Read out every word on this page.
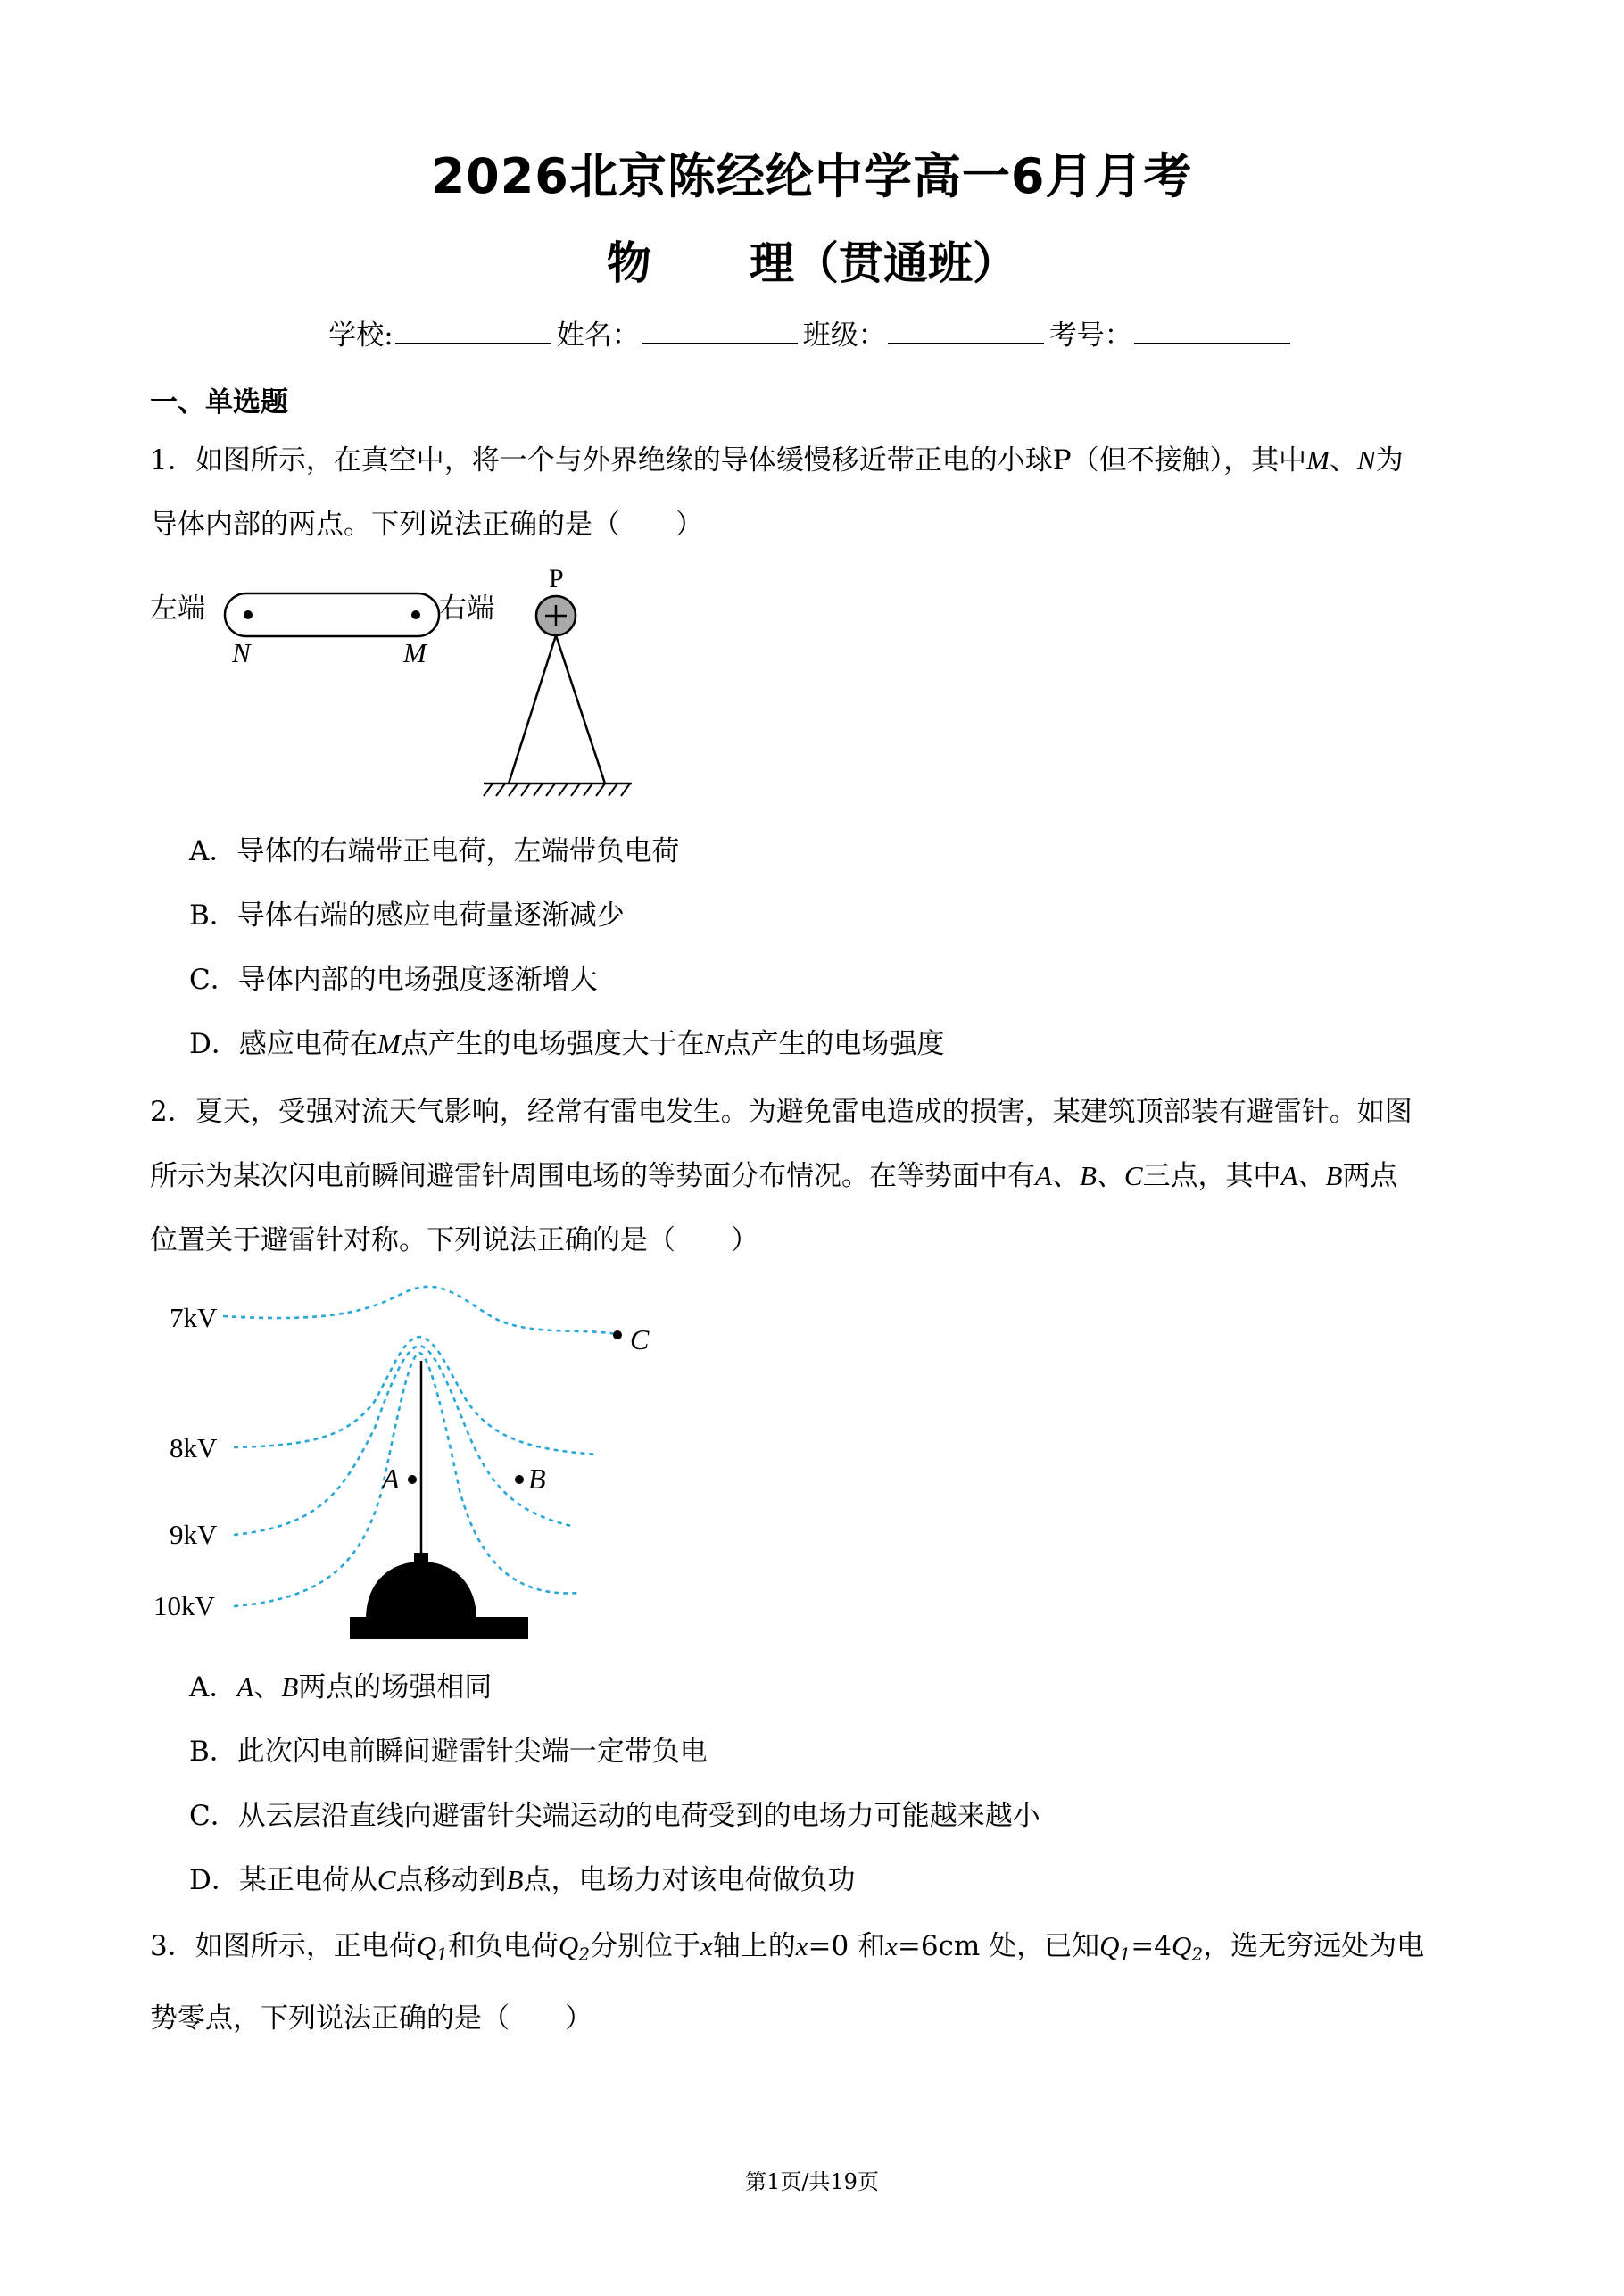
2026北京陈经纶中学高一6月月考
物 理（贯通班）
学校:	姓名：	班级：	考号：
一、单选题
1．如图所示，在真空中，将一个与外界绝缘的导体缓慢移近带正电的小球P（但不接触），其中M、N为
导体内部的两点。下列说法正确的是（　　）
左端
N	M
右端
P
A．导体的右端带正电荷，左端带负电荷
B．导体右端的感应电荷量逐渐减少
C．导体内部的电场强度逐渐增大
D．感应电荷在M点产生的电场强度大于在N点产生的电场强度
2．夏天，受强对流天气影响，经常有雷电发生。为避免雷电造成的损害，某建筑顶部装有避雷针。如图
所示为某次闪电前瞬间避雷针周围电场的等势面分布情况。在等势面中有A、B、C三点，其中A、B两点
位置关于避雷针对称。下列说法正确的是（　　）
A	B
C
7kV
8kV
9kV
10kV
A．A、B两点的场强相同
B．此次闪电前瞬间避雷针尖端一定带负电
C．从云层沿直线向避雷针尖端运动的电荷受到的电场力可能越来越小
D．某正电荷从C点移动到B点，电场力对该电荷做负功
3．如图所示，正电荷$Q_1$和负电荷$Q_2$分别位于x轴上的x=0 和x=6cm 处，已知$Q_1=4Q_2$，选无穷远处为电
势零点，下列说法正确的是（　　）
第1页/共19页
